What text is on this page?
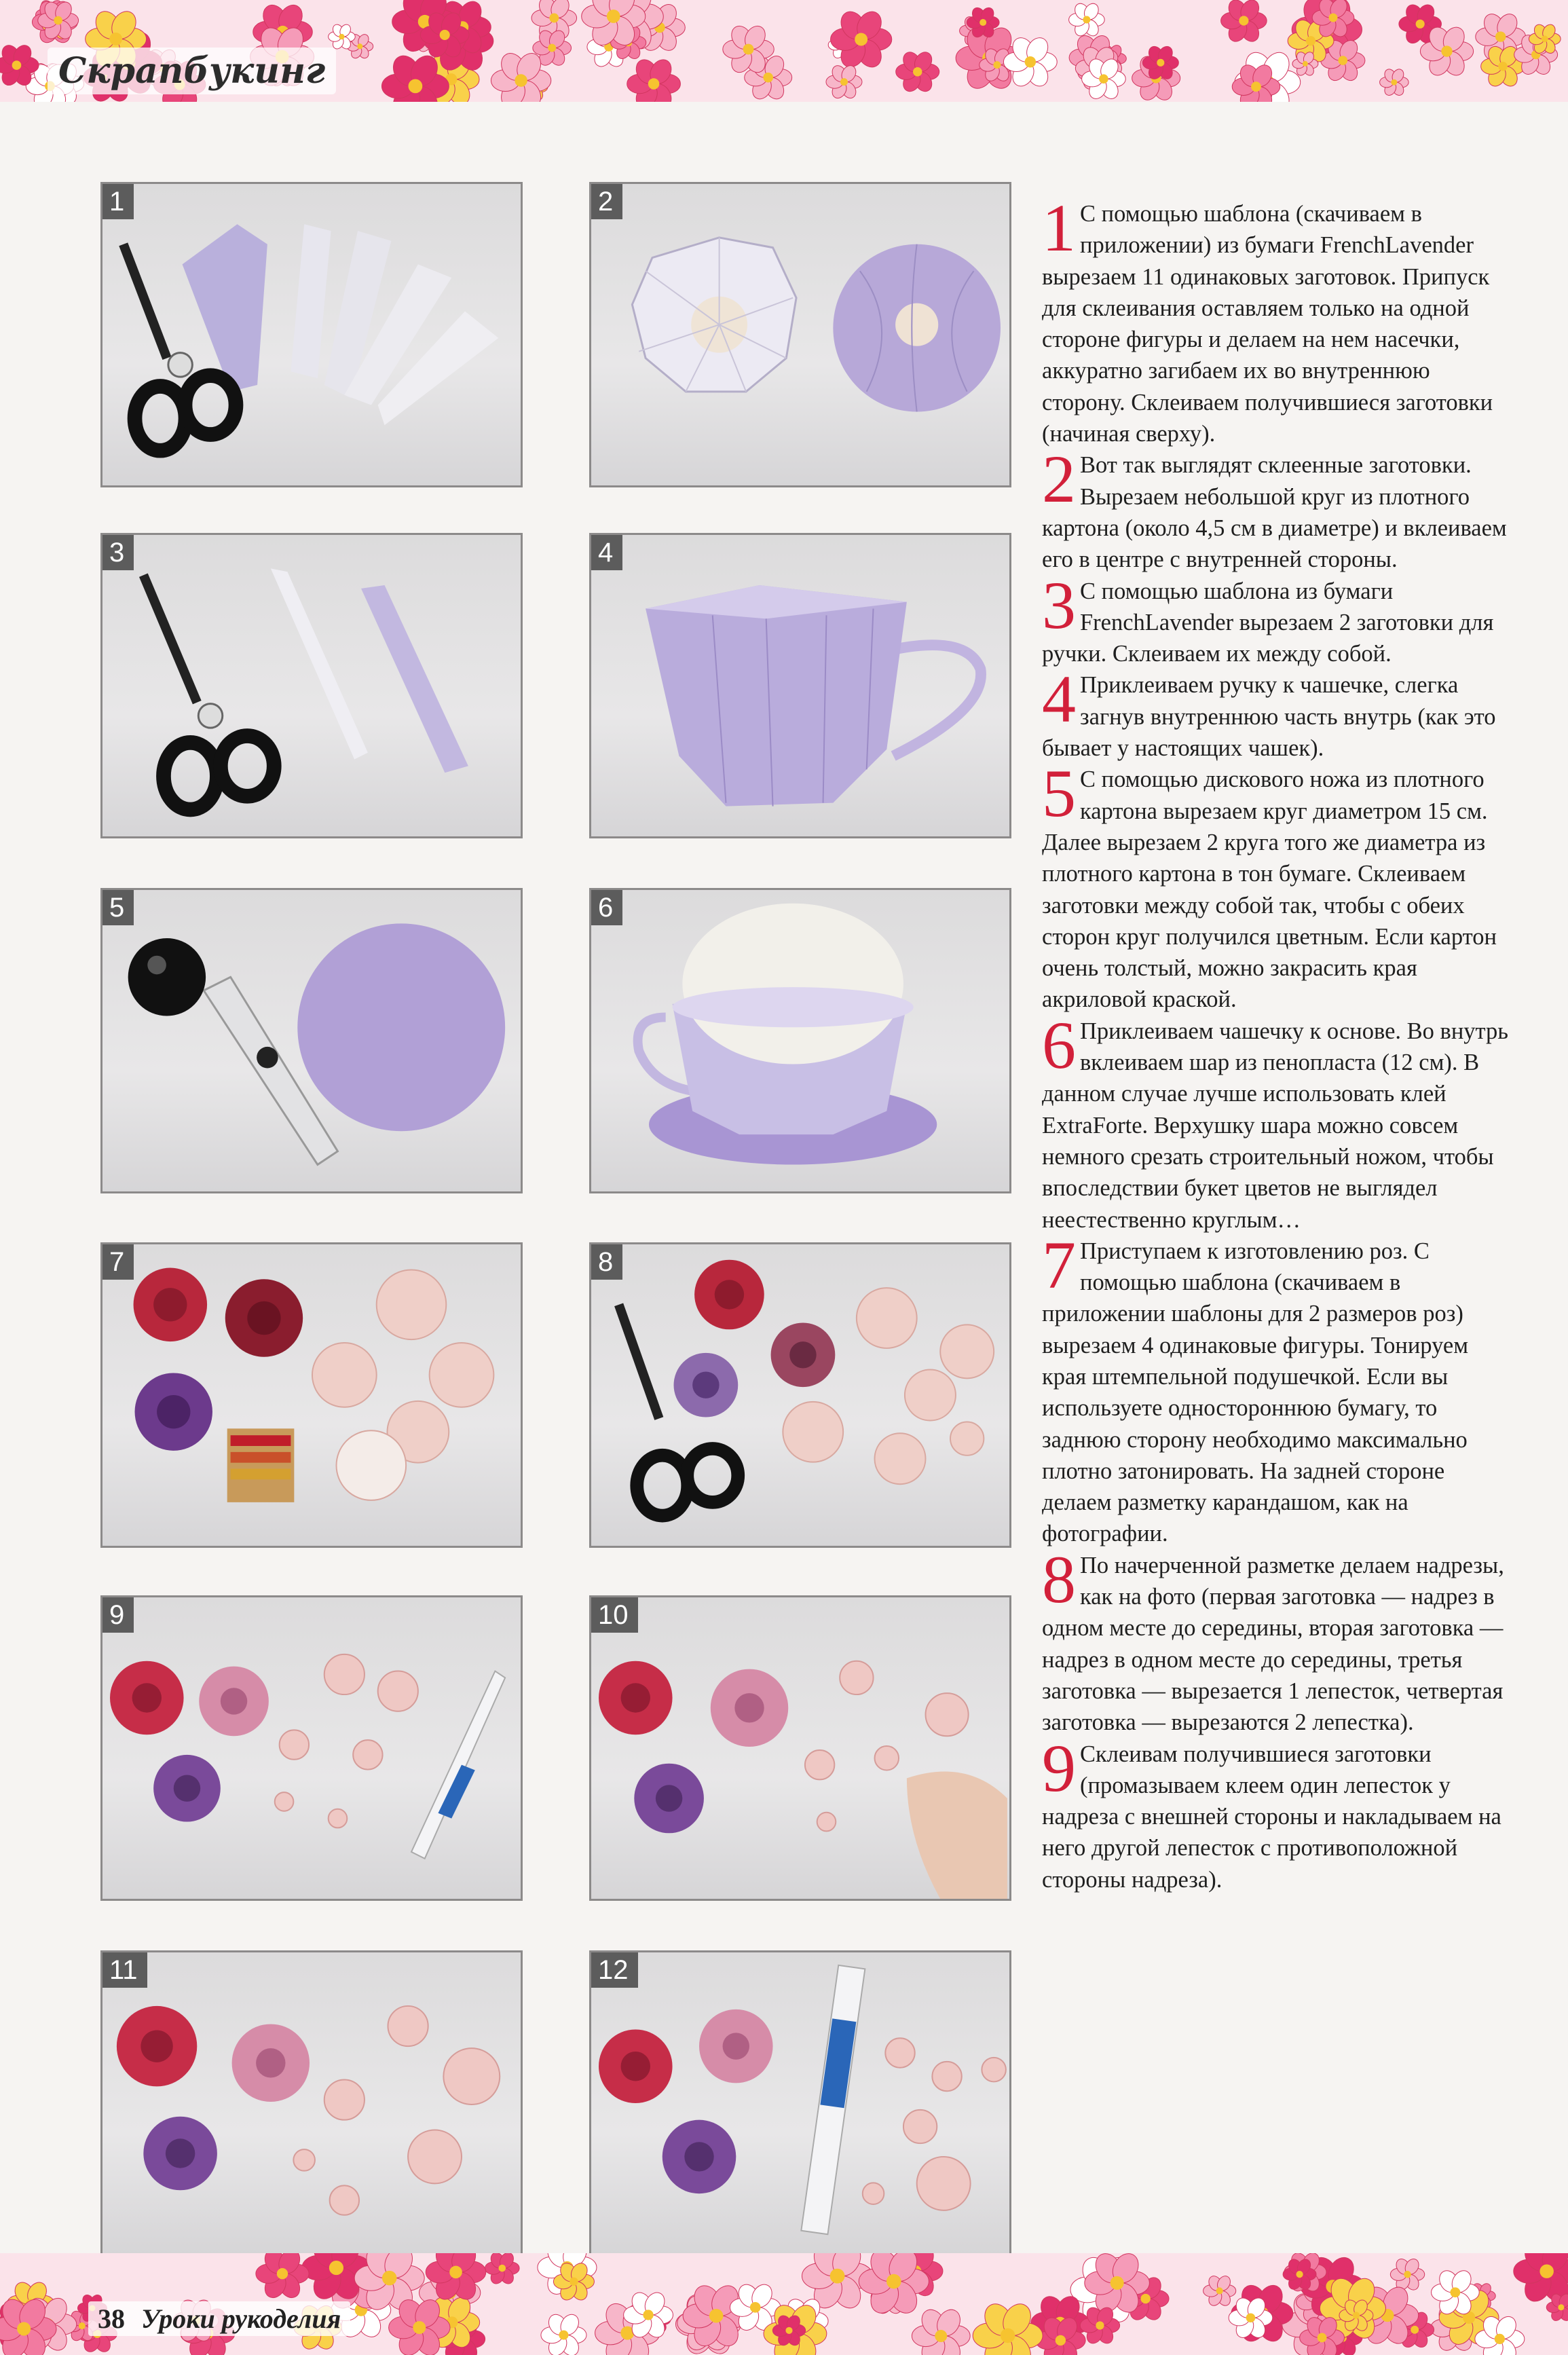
Скрапбукинг
1	2
3	4
5	6
7	8
9	10
11	12
1 С помощью шаблона (скачиваем в приложении) из бумаги FrenchLavender вырезаем 11 одинаковых заготовок. Припуск для склеивания оставляем только на одной стороне фигуры и делаем на нем насечки, аккуратно загибаем их во внутреннюю сторону. Склеиваем получившиеся заготовки (начиная сверху).

2 Вот так выглядят склеенные заготовки. Вырезаем небольшой круг из плотного картона (около 4,5 см в диаметре) и вклеиваем его в центре с внутренней стороны.

3 С помощью шаблона из бумаги FrenchLavender вырезаем 2 заготовки для ручки. Склеиваем их между собой.

4 Приклеиваем ручку к чашечке, слегка загнув внутреннюю часть внутрь (как это бывает у настоящих чашек).

5 С помощью дискового ножа из плотного картона вырезаем круг диаметром 15 см. Далее вырезаем 2 круга того же диаметра из плотного картона в тон бумаге. Склеиваем заготовки между собой так, чтобы с обеих сторон круг получился цветным. Если картон очень толстый, можно закрасить края акриловой краской.

6 Приклеиваем чашечку к основе. Во внутрь вклеиваем шар из пенопласта (12 см). В данном случае лучше использовать клей ExtraForte. Верхушку шара можно совсем немного срезать строительный ножом, чтобы впоследствии букет цветов не выглядел неестественно круглым…

7 Приступаем к изготовлению роз. С помощью шаблона (скачиваем в приложении шаблоны для 2 размеров роз) вырезаем 4 одинаковые фигуры. Тонируем края штемпельной подушечкой. Если вы используете одностороннюю бумагу, то заднюю сторону необходимо максимально плотно затонировать. На задней стороне делаем разметку карандашом, как на фотографии.

8 По начерченной разметке делаем надрезы, как на фото (первая заготовка — надрез в одном месте до середины, вторая заготовка — надрез в одном месте до середины, третья заготовка — вырезается 1 лепесток, четвертая заготовка — вырезаются 2 лепестка).

9 Склеивам получившиеся заготовки (промазываем клеем один лепесток у надреза с внешней стороны и накладываем на него другой лепесток с противоположной стороны надреза).

38 Уроки рукоделия
